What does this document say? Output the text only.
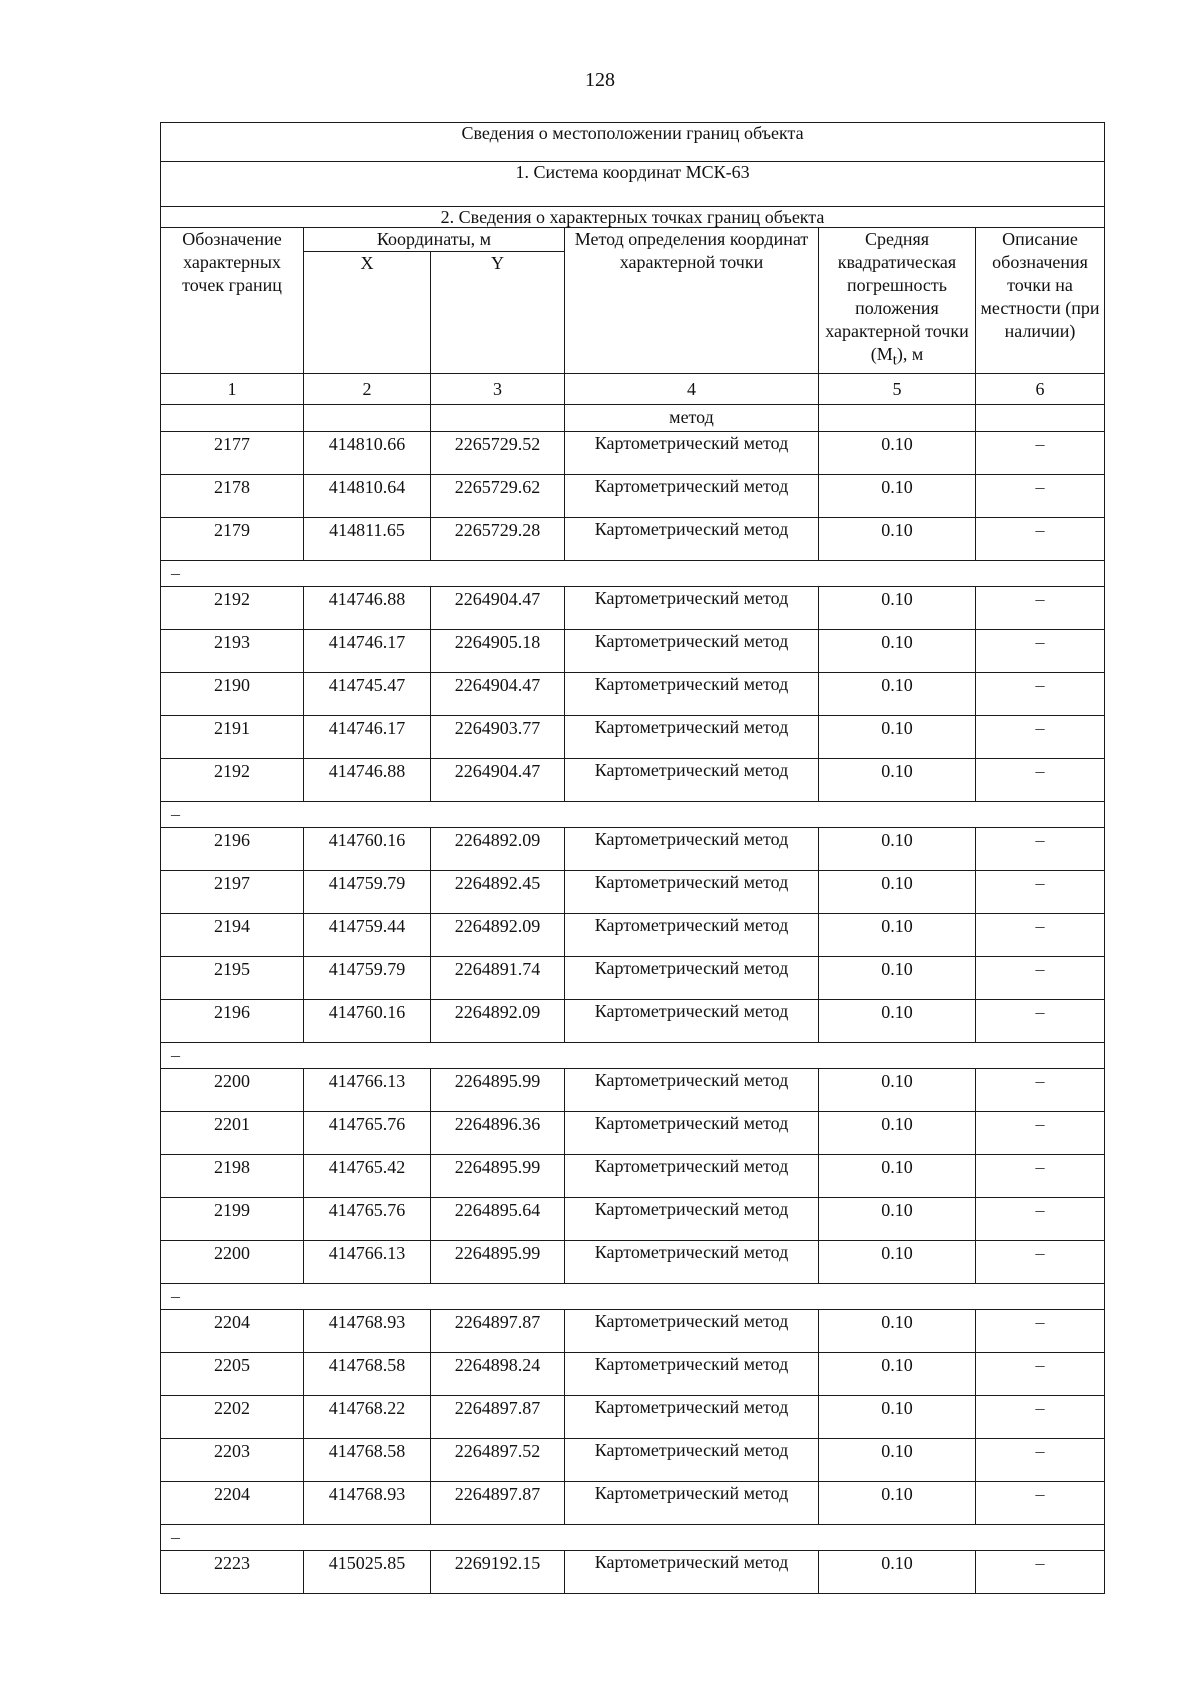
128
Сведения о местоположении границ объекта					
1. Система координат МСК-63					
2. Сведения о характерных точках границ объекта					
Обозначение характерных точек границ	Координаты, м		Метод определения координат характерной точки	Средняя квадратическая погрешность положения характерной точки $(M_t)$, м	Описание обозначения точки на местности (при наличии)
	X	Y			
1	2	3	4	5	6
			метод		
2177	414810.66	2265729.52	Картометрический метод	0.10	–
2178	414810.64	2265729.62	Картометрический метод	0.10	–
2179	414811.65	2265729.28	Картометрический метод	0.10	–
–					
2192	414746.88	2264904.47	Картометрический метод	0.10	–
2193	414746.17	2264905.18	Картометрический метод	0.10	–
2190	414745.47	2264904.47	Картометрический метод	0.10	–
2191	414746.17	2264903.77	Картометрический метод	0.10	–
2192	414746.88	2264904.47	Картометрический метод	0.10	–
–					
2196	414760.16	2264892.09	Картометрический метод	0.10	–
2197	414759.79	2264892.45	Картометрический метод	0.10	–
2194	414759.44	2264892.09	Картометрический метод	0.10	–
2195	414759.79	2264891.74	Картометрический метод	0.10	–
2196	414760.16	2264892.09	Картометрический метод	0.10	–
–					
2200	414766.13	2264895.99	Картометрический метод	0.10	–
2201	414765.76	2264896.36	Картометрический метод	0.10	–
2198	414765.42	2264895.99	Картометрический метод	0.10	–
2199	414765.76	2264895.64	Картометрический метод	0.10	–
2200	414766.13	2264895.99	Картометрический метод	0.10	–
–					
2204	414768.93	2264897.87	Картометрический метод	0.10	–
2205	414768.58	2264898.24	Картометрический метод	0.10	–
2202	414768.22	2264897.87	Картометрический метод	0.10	–
2203	414768.58	2264897.52	Картометрический метод	0.10	–
2204	414768.93	2264897.87	Картометрический метод	0.10	–
–					
2223	415025.85	2269192.15	Картометрический метод	0.10	–
